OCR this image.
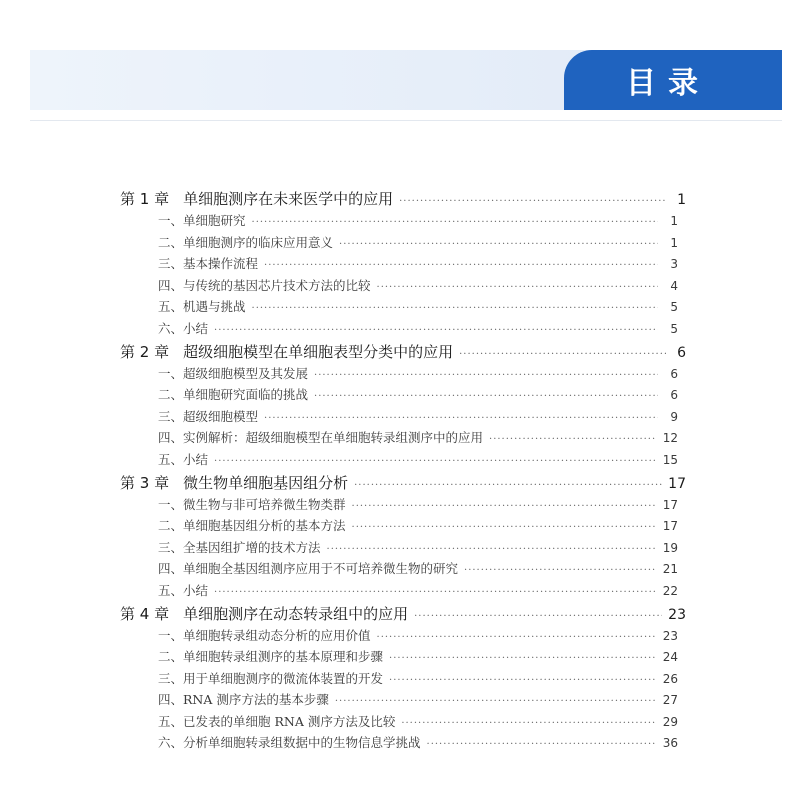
目录
第 1 章 单细胞测序在未来医学中的应用 ·····	1
一、单细胞研究 ·····	1
二、单细胞测序的临床应用意义 ·····	1
三、基本操作流程 ·····	3
四、与传统的基因芯片技术方法的比较 ·····	4
五、机遇与挑战 ·····	5
六、小结 ·····	5
第 2 章 超级细胞模型在单细胞表型分类中的应用 ·····	6
一、超级细胞模型及其发展 ·····	6
二、单细胞研究面临的挑战 ·····	6
三、超级细胞模型 ·····	9
四、实例解析：超级细胞模型在单细胞转录组测序中的应用 ·····	12
五、小结 ·····	15
第 3 章 微生物单细胞基因组分析 ·····	17
一、微生物与非可培养微生物类群 ·····	17
二、单细胞基因组分析的基本方法 ·····	17
三、全基因组扩增的技术方法 ·····	19
四、单细胞全基因组测序应用于不可培养微生物的研究 ·····	21
五、小结 ·····	22
第 4 章 单细胞测序在动态转录组中的应用 ·····	23
一、单细胞转录组动态分析的应用价值 ·····	23
二、单细胞转录组测序的基本原理和步骤 ·····	24
三、用于单细胞测序的微流体装置的开发 ·····	26
四、RNA 测序方法的基本步骤 ·····	27
五、已发表的单细胞 RNA 测序方法及比较 ·····	29
六、分析单细胞转录组数据中的生物信息学挑战 ·····	36
